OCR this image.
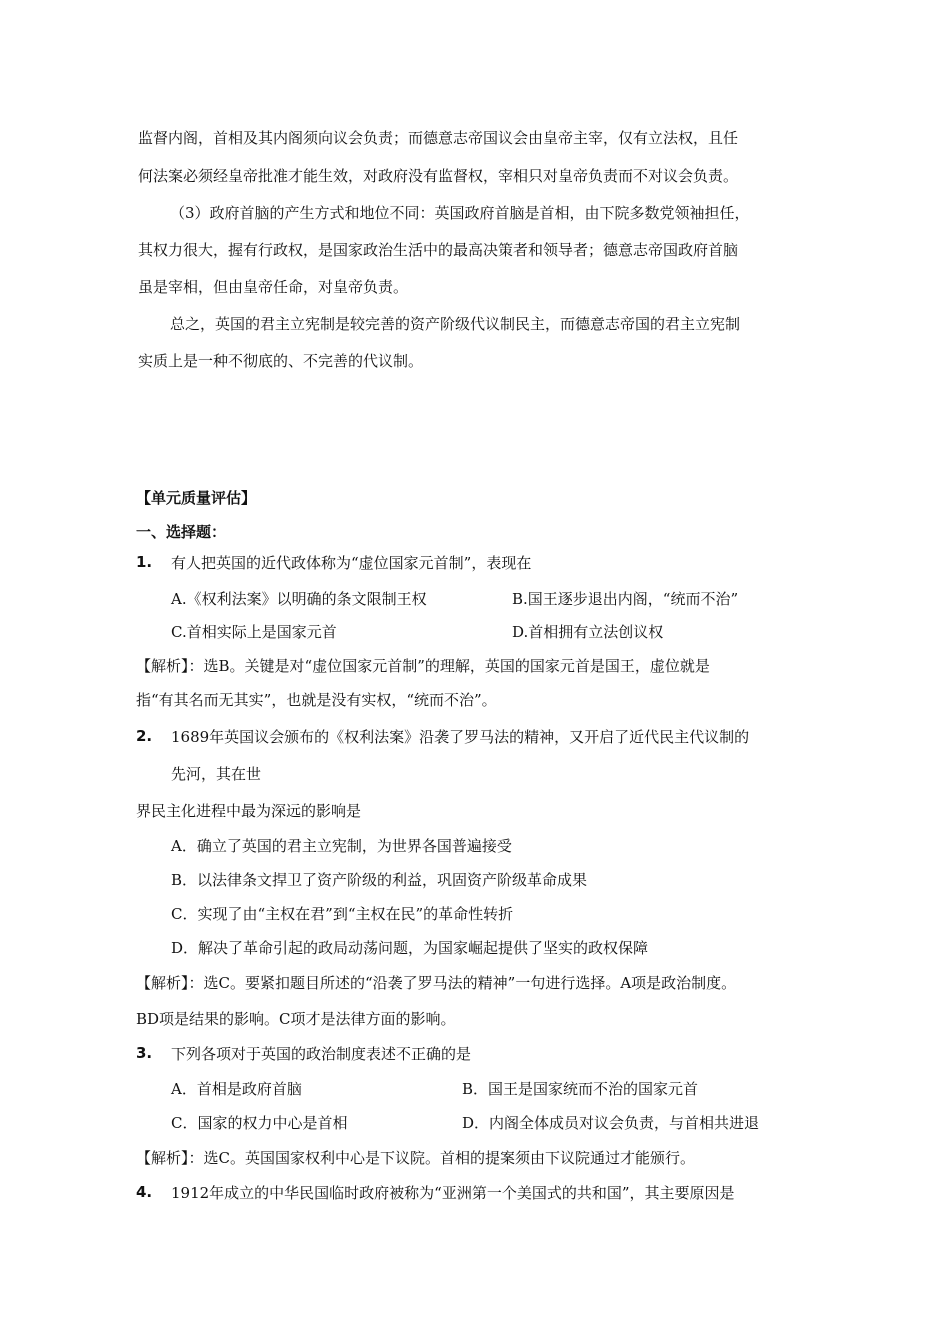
监督内阁，首相及其内阁须向议会负责；而德意志帝国议会由皇帝主宰，仅有立法权，且任
何法案必须经皇帝批准才能生效，对政府没有监督权，宰相只对皇帝负责而不对议会负责。
（3）政府首脑的产生方式和地位不同：英国政府首脑是首相，由下院多数党领袖担任，
其权力很大，握有行政权，是国家政治生活中的最高决策者和领导者；德意志帝国政府首脑
虽是宰相，但由皇帝任命，对皇帝负责。
总之，英国的君主立宪制是较完善的资产阶级代议制民主，而德意志帝国的君主立宪制
实质上是一种不彻底的、不完善的代议制。
【单元质量评估】
一、选择题：
1. 有人把英国的近代政体称为“虚位国家元首制”，表现在
A.《权利法案》以明确的条文限制王权	B.国王逐步退出内阁，“统而不治”
C.首相实际上是国家元首	D.首相拥有立法创议权
【解析】：选B。关键是对“虚位国家元首制”的理解，英国的国家元首是国王，虚位就是
指“有其名而无其实”，也就是没有实权，“统而不治”。
2. 1689年英国议会颁布的《权利法案》沿袭了罗马法的精神，又开启了近代民主代议制的
先河，其在世
界民主化进程中最为深远的影响是
A．确立了英国的君主立宪制，为世界各国普遍接受
B．以法律条文捍卫了资产阶级的利益，巩固资产阶级革命成果
C．实现了由“主权在君”到“主权在民”的革命性转折
D．解决了革命引起的政局动荡问题，为国家崛起提供了坚实的政权保障
【解析】：选C。要紧扣题目所述的“沿袭了罗马法的精神”一句进行选择。A项是政治制度。
BD项是结果的影响。C项才是法律方面的影响。
3. 下列各项对于英国的政治制度表述不正确的是
A．首相是政府首脑	B．国王是国家统而不治的国家元首
C．国家的权力中心是首相	D．内阁全体成员对议会负责，与首相共进退
【解析】：选C。英国国家权利中心是下议院。首相的提案须由下议院通过才能颁行。
4. 1912年成立的中华民国临时政府被称为“亚洲第一个美国式的共和国”，其主要原因是
